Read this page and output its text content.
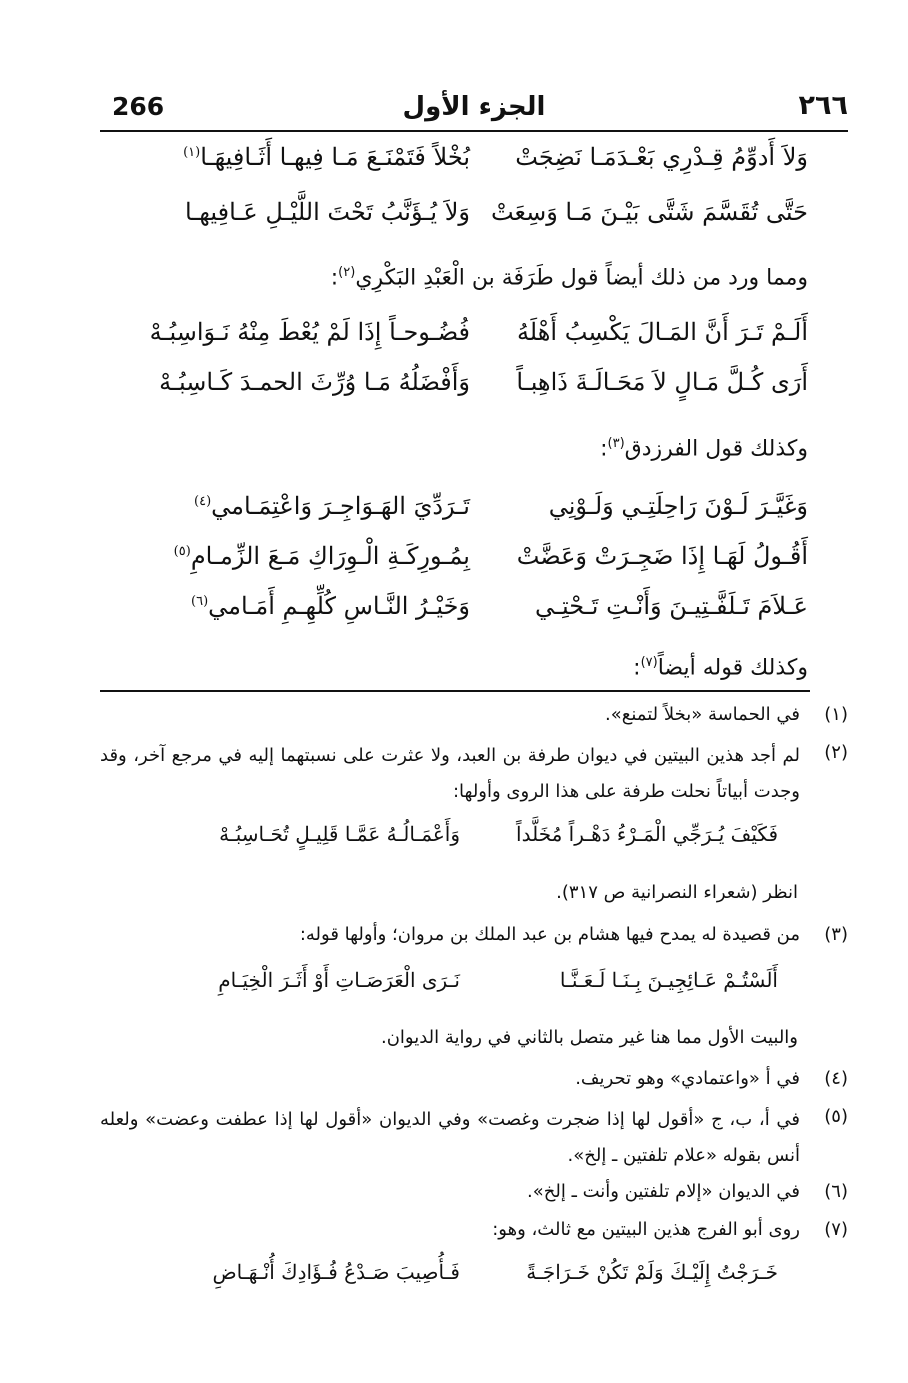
٢٦٦
الجزء الأول
266
وَلاَ أَدوِّمُ قِـدْرِي بَعْـدَمَـا نَضِجَتْ
بُخْلاً فَتَمْنَـعَ مَـا فِيهـا أَثَـافِيهَـا$^{(١)}$
حَتَّى تُقَسَّمَ شَتَّى بَيْـنَ مَـا وَسِعَتْ
وَلاَ يُـؤَنَّبُ تَحْتَ اللَّيْـلِ عَـافِيهـا
ومما ورد من ذلك أيضاً قول طَرَفَة بن الْعَبْدِ البَكْرِي$^{(٢)}$:
أَلَـمْ تَـرَ أَنَّ المَـالَ يَكْسِبُ أَهْلَهُ
فُضُـوحـاً إِذَا لَمْ يُعْطَ مِنْهُ نَـوَاسِبُـهْ
أَرَى كُـلَّ مَـالٍ لاَ مَحَـالَـةَ ذَاهِبـاً
وَأَفْضَلُهُ مَـا وُرِّثَ الحمـدَ كَـاسِبُـهْ
وكذلك قول الفرزدق$^{(٣)}$:
وَغَيَّـرَ لَـوْنَ رَاحِلَتِـي وَلَـوْنِي
تَـرَدِّيَ الهَـوَاجِـرَ وَاعْتِمَـامي$^{(٤)}$
أَقُـولُ لَهَـا إِذَا ضَجِـرَتْ وَعَضَّتْ
بِمُـورِكَـةِ الْـوِرَاكِ مَـعَ الزِّمـامِ$^{(٥)}$
عَـلاَمَ تَـلَفَّـتِيـنَ وَأَنْـتِ تَـحْتِـي
وَخَيْـرُ النَّـاسِ كُلِّهِـمِ أَمَـامي$^{(٦)}$
وكذلك قوله أيضاً$^{(٧)}$:
(١)
في الحماسة «بخلاً لتمنع».
(٢)
لم أجد هذين البيتين في ديوان طرفة بن العبد، ولا عثرت على نسبتهما إليه في مرجع آخر، وقد وجدت أبياتاً نحلت طرفة على هذا الروى وأولها:
فَكَيْفَ يُـرَجِّي الْمَـرْءُ دَهْـراً مُخَلَّداً
وَأَعْمَـالُـهُ عَمَّـا قَلِيـلٍ تُحَـاسِبُـهْ
انظر (شعراء النصرانية ص ٣١٧).
(٣)
من قصيدة له يمدح فيها هشام بن عبد الملك بن مروان؛ وأولها قوله:
أَلَسْتُـمْ عَـائِجِيـنَ بِـنَـا لَـعَـنَّـا
نَـرَى الْعَرَصَـاتِ أَوْ أَثَـرَ الْخِيَـامِ
والبيت الأول مما هنا غير متصل بالثاني في رواية الديوان.
(٤)
في أ «واعتمادي» وهو تحريف.
(٥)
في أ، ب، ج «أقول لها إذا ضجرت وغصت» وفي الديوان «أقول لها إذا عطفت وعضت» ولعله أنس بقوله «علام تلفتين ـ إلخ».
(٦)
في الديوان «إلام تلفتين وأنت ـ إلخ».
(٧)
روى أبو الفرج هذين البيتين مع ثالث، وهو:
خَـرَجْتُ إِلَيْـكَ وَلَمْ تَكُنْ خَـرَاجَـةً
فَـأُصِيبَ صَـدْعُ فُـؤَادِكَ أُنْـهَـاضِ
